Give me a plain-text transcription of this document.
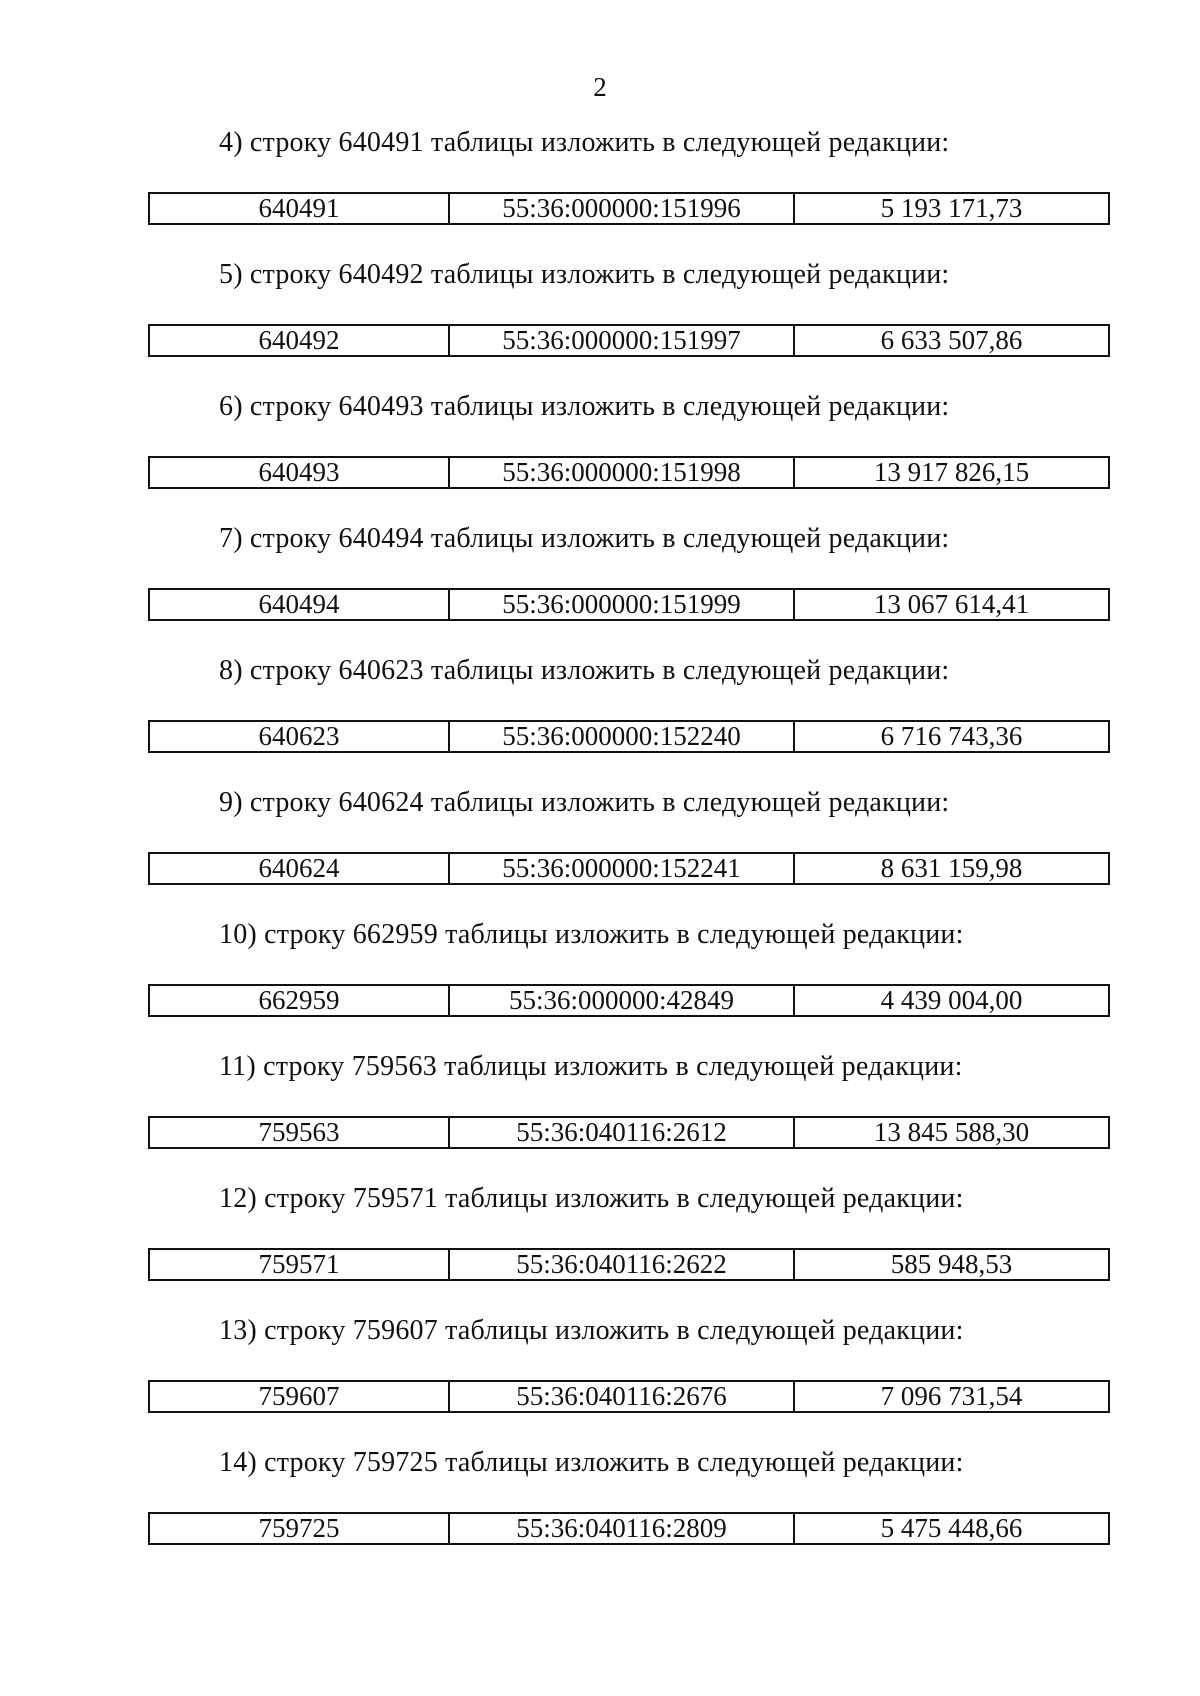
2
4) строку 640491 таблицы изложить в следующей редакции:
640491	55:36:000000:151996	5 193 171,73
5) строку 640492 таблицы изложить в следующей редакции:
640492	55:36:000000:151997	6 633 507,86
6) строку 640493 таблицы изложить в следующей редакции:
640493	55:36:000000:151998	13 917 826,15
7) строку 640494 таблицы изложить в следующей редакции:
640494	55:36:000000:151999	13 067 614,41
8) строку 640623 таблицы изложить в следующей редакции:
640623	55:36:000000:152240	6 716 743,36
9) строку 640624 таблицы изложить в следующей редакции:
640624	55:36:000000:152241	8 631 159,98
10) строку 662959 таблицы изложить в следующей редакции:
662959	55:36:000000:42849	4 439 004,00
11) строку 759563 таблицы изложить в следующей редакции:
759563	55:36:040116:2612	13 845 588,30
12) строку 759571 таблицы изложить в следующей редакции:
759571	55:36:040116:2622	585 948,53
13) строку 759607 таблицы изложить в следующей редакции:
759607	55:36:040116:2676	7 096 731,54
14) строку 759725 таблицы изложить в следующей редакции:
759725	55:36:040116:2809	5 475 448,66
